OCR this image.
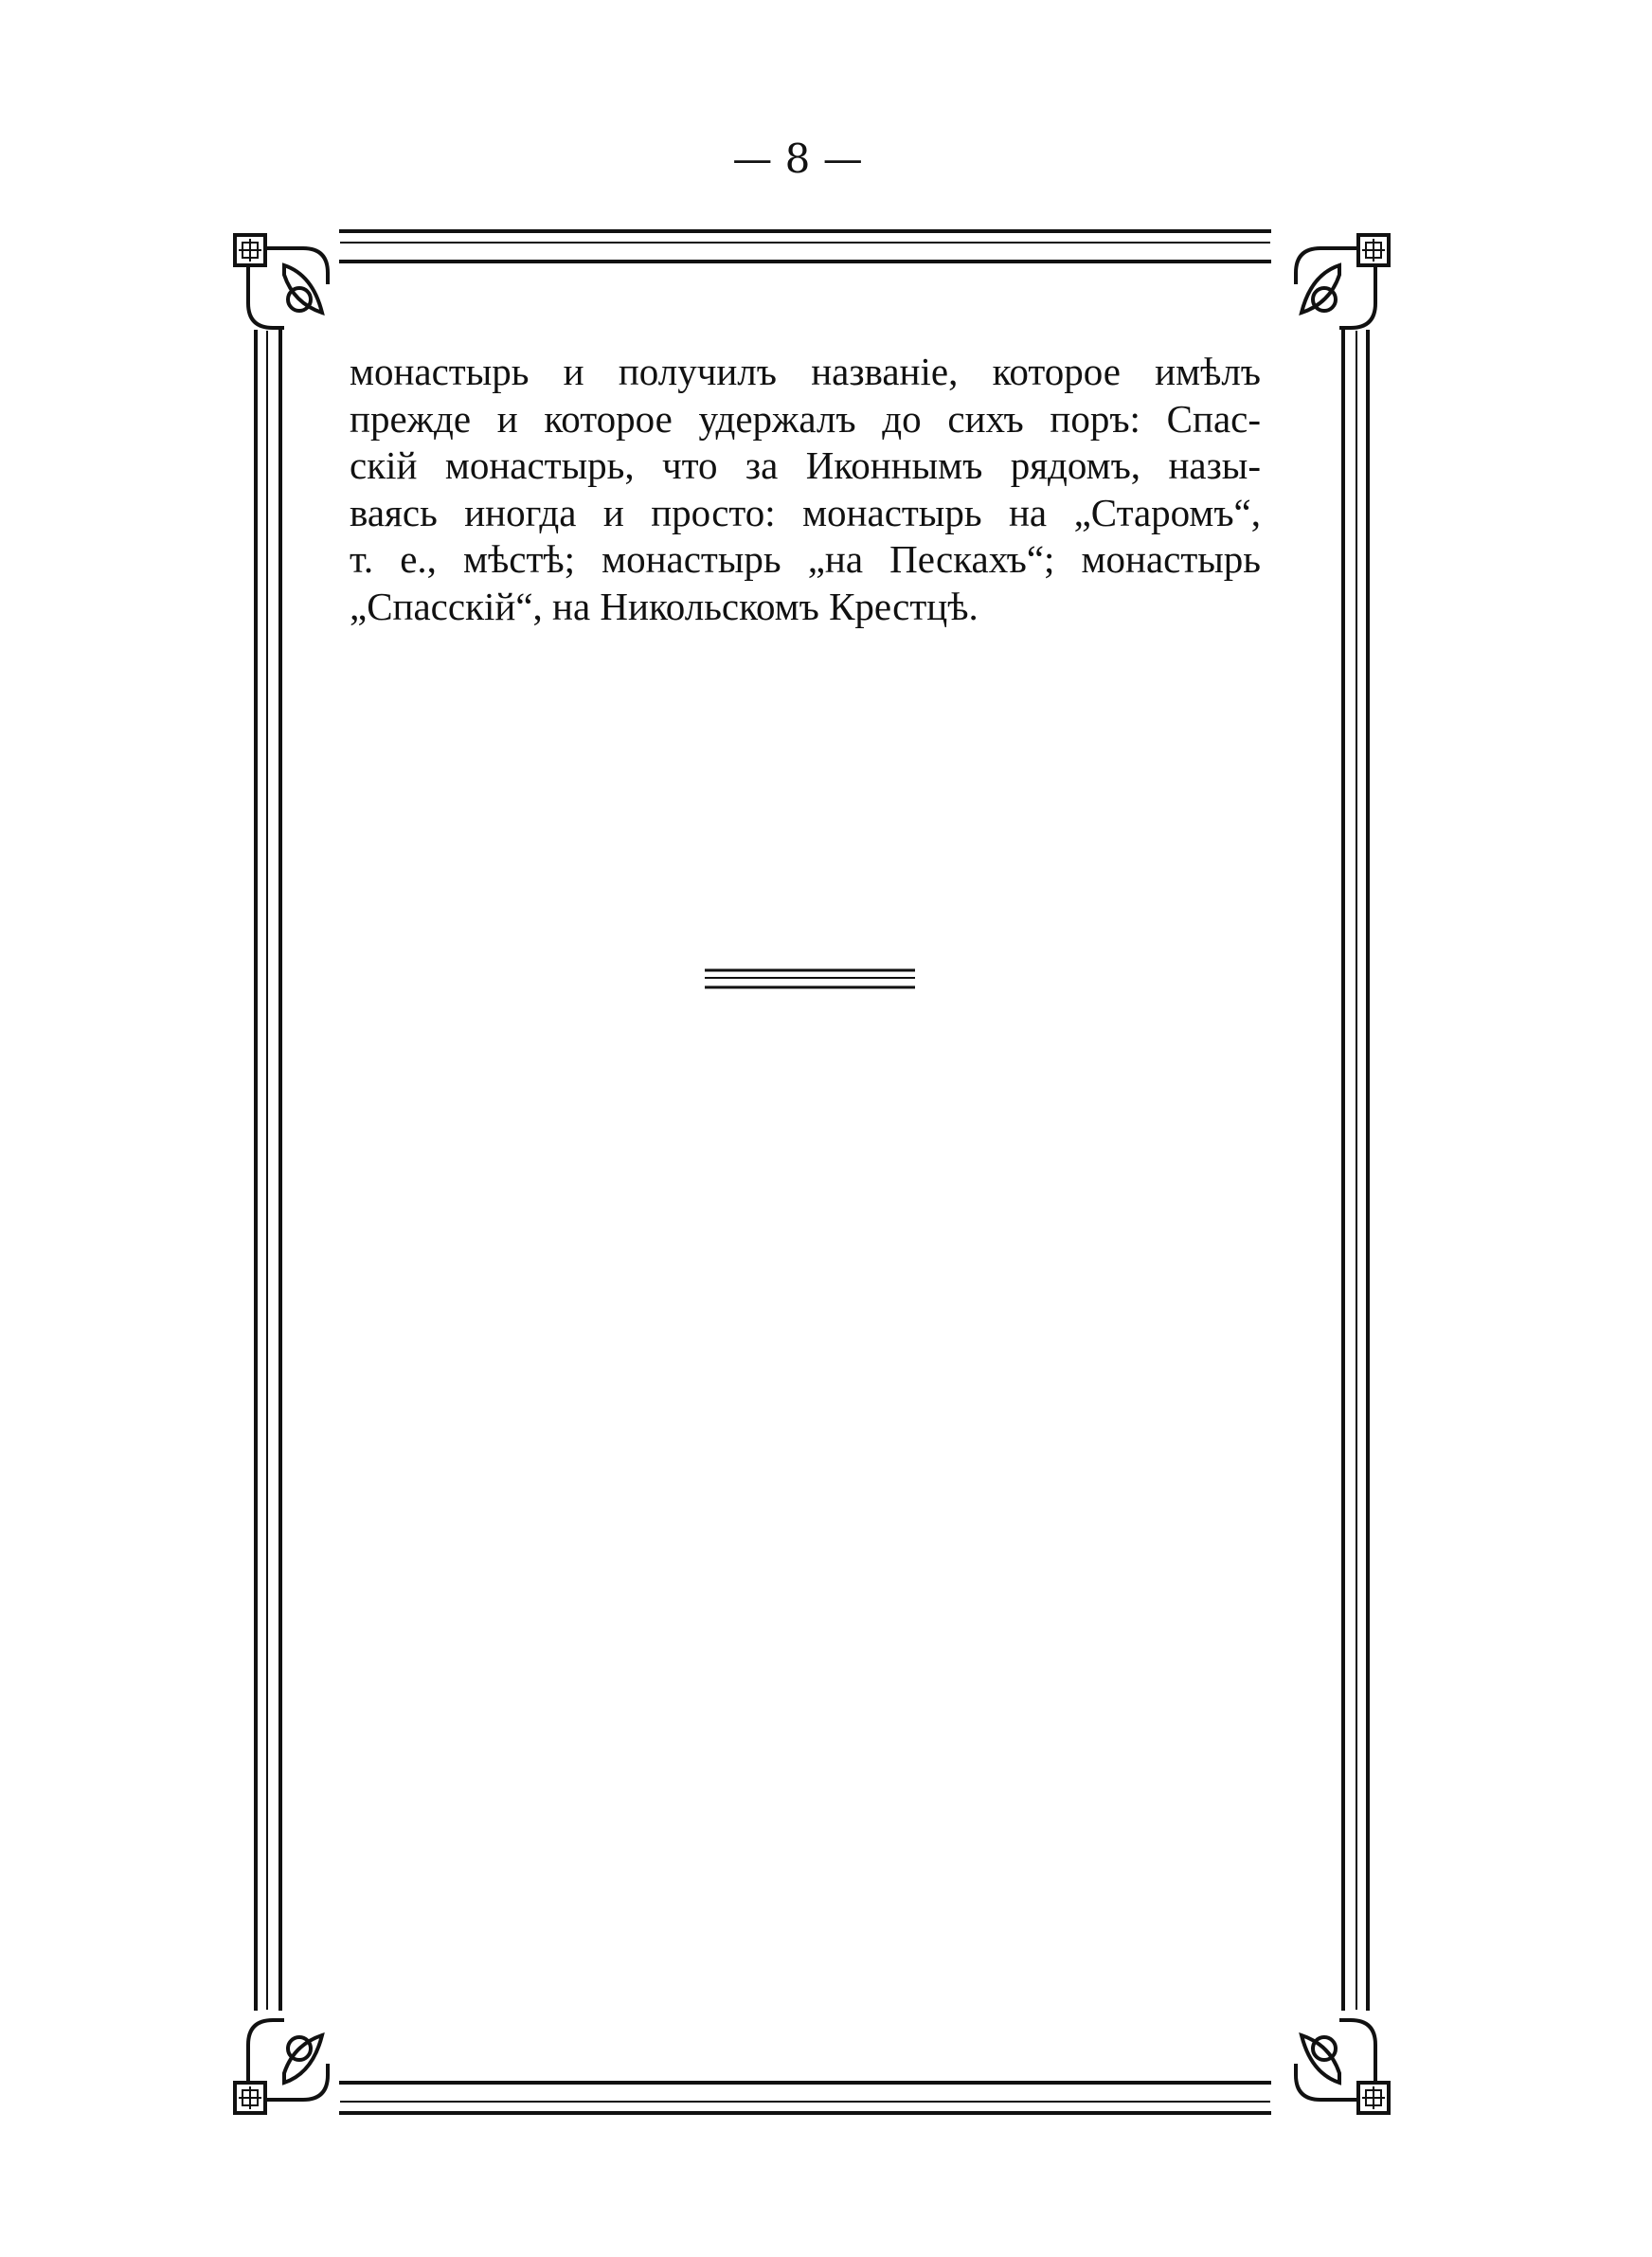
— 8 —
монастырь и получилъ названіе, которое имѣлъ
прежде и которое удержалъ до сихъ поръ: Спас-
скій монастырь, что за Иконнымъ рядомъ, назы-
ваясь иногда и просто: монастырь на „Старомъ“,
т. е., мѣстѣ; монастырь „на Пескахъ“; монастырь
„Спасскій“, на Никольскомъ Крестцѣ.
